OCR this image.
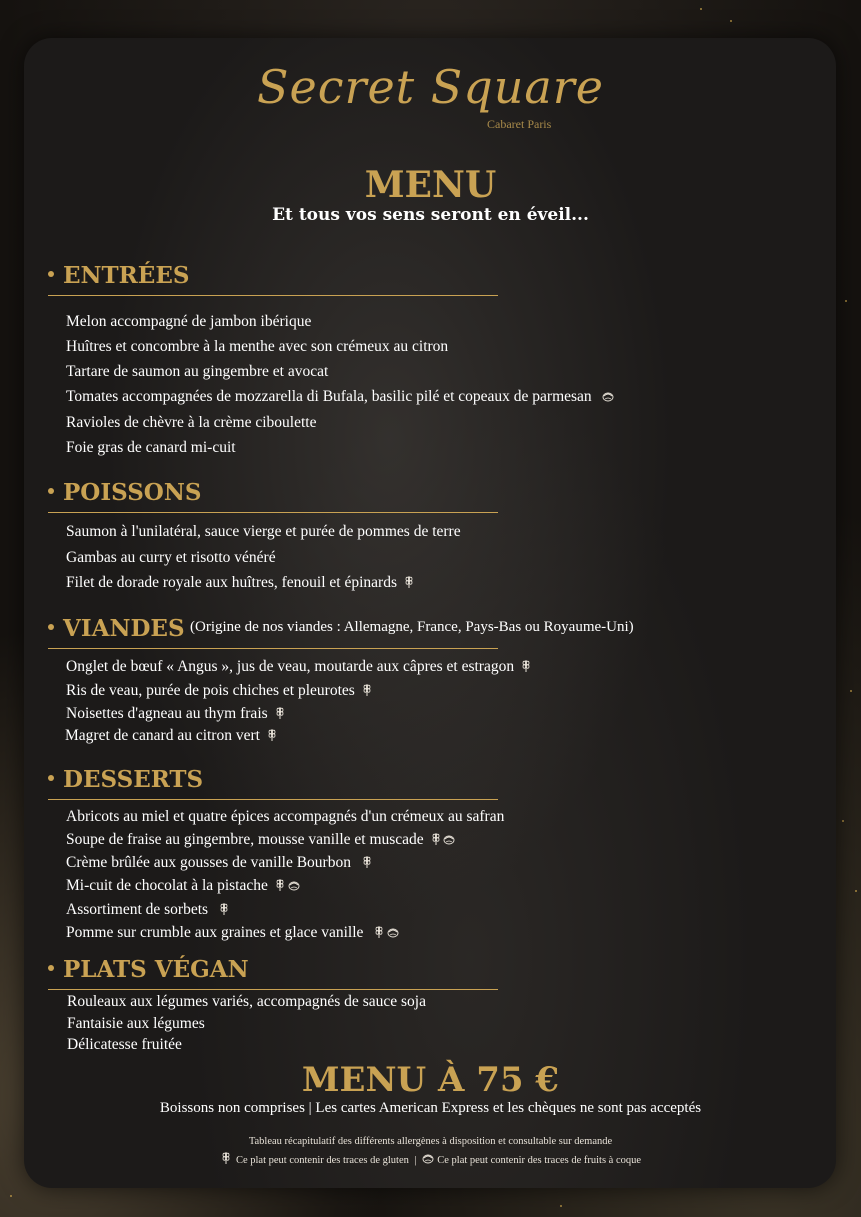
Secret Square
Cabaret Paris
MENU
Et tous vos sens seront en éveil...
ENTRÉES
Melon accompagné de jambon ibérique
Huîtres et concombre à la menthe avec son crémeux au citron
Tartare de saumon au gingembre et avocat
Tomates accompagnées de mozzarella di Bufala, basilic pilé et copeaux de parmesan
Ravioles de chèvre à la crème ciboulette
Foie gras de canard mi-cuit
POISSONS
Saumon à l'unilatéral, sauce vierge et purée de pommes de terre
Gambas au curry et risotto vénéré
Filet de dorade royale aux huîtres, fenouil et épinards
VIANDES (Origine de nos viandes : Allemagne, France, Pays-Bas ou Royaume-Uni)
Onglet de bœuf « Angus », jus de veau, moutarde aux câpres et estragon
Ris de veau, purée de pois chiches et pleurotes
Noisettes d'agneau au thym frais
Magret de canard au citron vert
DESSERTS
Abricots au miel et quatre épices accompagnés d'un crémeux au safran
Soupe de fraise au gingembre, mousse vanille et muscade
Crème brûlée aux gousses de vanille Bourbon
Mi-cuit de chocolat à la pistache
Assortiment de sorbets
Pomme sur crumble aux graines et glace vanille
PLATS VÉGAN
Rouleaux aux légumes variés, accompagnés de sauce soja
Fantaisie aux légumes
Délicatesse fruitée
MENU À 75 €
Boissons non comprises | Les cartes American Express et les chèques ne sont pas acceptés
Tableau récapitulatif des différents allergènes à disposition et consultable sur demande
Ce plat peut contenir des traces de gluten | Ce plat peut contenir des traces de fruits à coque
